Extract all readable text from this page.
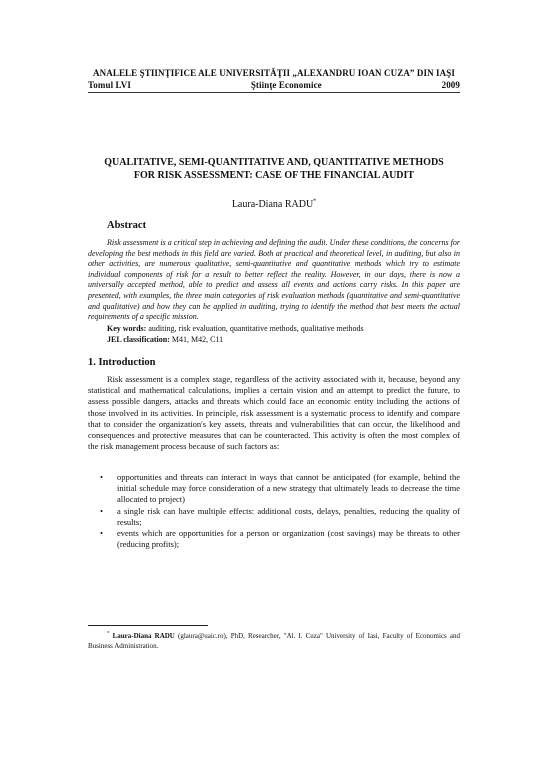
ANALELE ŞTIINŢIFICE ALE UNIVERSITĂŢII „ALEXANDRU IOAN CUZA” DIN IAŞI
Tomul LVI	Ştiinţe Economice	2009
QUALITATIVE, SEMI-QUANTITATIVE AND, QUANTITATIVE METHODS
FOR RISK ASSESSMENT: CASE OF THE FINANCIAL AUDIT
Laura-Diana RADU*
Abstract
Risk assessment is a critical step in achieving and defining the audit. Under these conditions, the concerns for developing the best methods in this field are varied. Both at practical and theoretical level, in auditing, but also in other activities, are numerous qualitative, semi-quantitative and quantitative methods which try to estimate individual components of risk for a result to better reflect the reality. However, in our days, there is now a universally accepted method, able to predict and assess all events and actions carry risks. In this paper are presented, with examples, the three main categories of risk evaluation methods (quantitative and semi-quantitative and qualitative) and how they can be applied in auditing, trying to identify the method that best meets the actual requirements of a specific mission.
Key words: auditing, risk evaluation, quantitative methods, qualitative methods
JEL classification: M41, M42, C11
1. Introduction

Risk assessment is a complex stage, regardless of the activity associated with it, because, beyond any statistical and mathematical calculations, implies a certain vision and an attempt to predict the future, to assess possible dangers, attacks and threats which could face an economic entity including the actions of those involved in its activities. In principle, risk assessment is a systematic process to identify and compare that to consider the organization's key assets, threats and vulnerabilities that can occur, the likelihood and consequences and protective measures that can be counteracted. This activity is often the most complex of the risk management process because of such factors as:

• opportunities and threats can interact in ways that cannot be anticipated (for example, behind the initial schedule may force consideration of a new strategy that ultimately leads to decrease the time allocated to project)
• a single risk can have multiple effects: additional costs, delays, penalties, reducing the quality of results;
• events which are opportunities for a person or organization (cost savings) may be threats to other (reducing profits);
* Laura-Diana RADU (glaura@uaic.ro), PhD, Researcher, "Al. I. Cuza" University of Iasi, Faculty of Economics and Business Administration.
